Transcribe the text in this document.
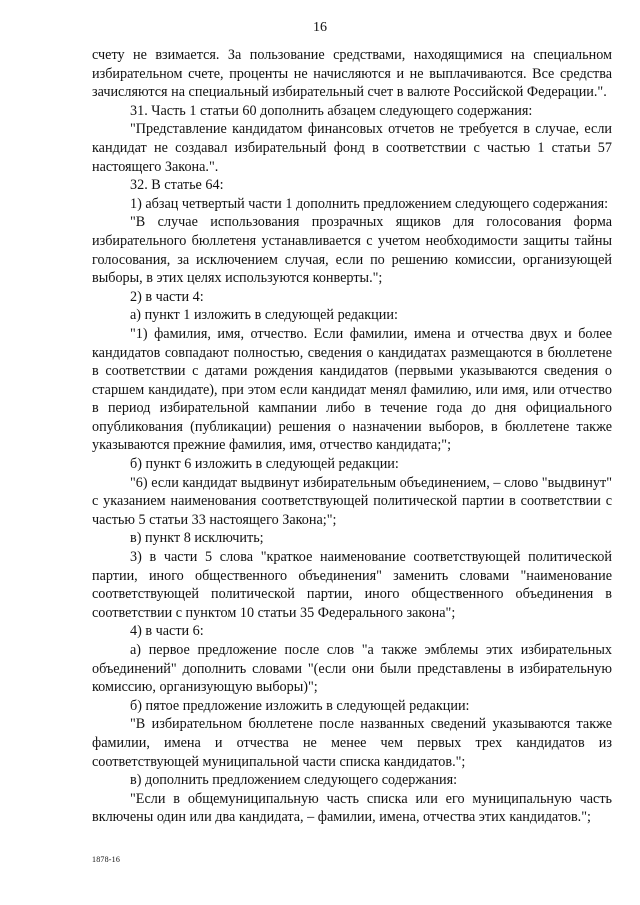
16

счету не взимается. За пользование средствами, находящимися на специальном избирательном счете, проценты не начисляются и не выплачиваются. Все средства зачисляются на специальный избирательный счет в валюте Российской Федерации.".

31. Часть 1 статьи 60 дополнить абзацем следующего содержания:

"Представление кандидатом финансовых отчетов не требуется в случае, если кандидат не создавал избирательный фонд в соответствии с частью 1 статьи 57 настоящего Закона.".

32. В статье 64:

1) абзац четвертый части 1 дополнить предложением следующего содержания:

"В случае использования прозрачных ящиков для голосования форма избирательного бюллетеня устанавливается с учетом необходимости защиты тайны голосования, за исключением случая, если по решению комиссии, организующей выборы, в этих целях используются конверты.";

2) в части 4:

а) пункт 1 изложить в следующей редакции:

"1) фамилия, имя, отчество. Если фамилии, имена и отчества двух и более кандидатов совпадают полностью, сведения о кандидатах размещаются в бюллетене в соответствии с датами рождения кандидатов (первыми указываются сведения о старшем кандидате), при этом если кандидат менял фамилию, или имя, или отчество в период избирательной кампании либо в течение года до дня официального опубликования (публикации) решения о назначении выборов, в бюллетене также указываются прежние фамилия, имя, отчество кандидата;";

б) пункт 6 изложить в следующей редакции:

"6) если кандидат выдвинут избирательным объединением, – слово "выдвинут" с указанием наименования соответствующей политической партии в соответствии с частью 5 статьи 33 настоящего Закона;";

в) пункт 8 исключить;

3) в части 5 слова "краткое наименование соответствующей политической партии, иного общественного объединения" заменить словами "наименование соответствующей политической партии, иного общественного объединения в соответствии с пунктом 10 статьи 35 Федерального закона";

4) в части 6:

а) первое предложение после слов "а также эмблемы этих избирательных объединений" дополнить словами "(если они были представлены в избирательную комиссию, организующую выборы)";

б) пятое предложение изложить в следующей редакции:

"В избирательном бюллетене после названных сведений указываются также фамилии, имена и отчества не менее чем первых трех кандидатов из соответствующей муниципальной части списка кандидатов.";

в) дополнить предложением следующего содержания:

"Если в общемуниципальную часть списка или его муниципальную часть включены один или два кандидата, – фамилии, имена, отчества этих кандидатов.";

1878-16
